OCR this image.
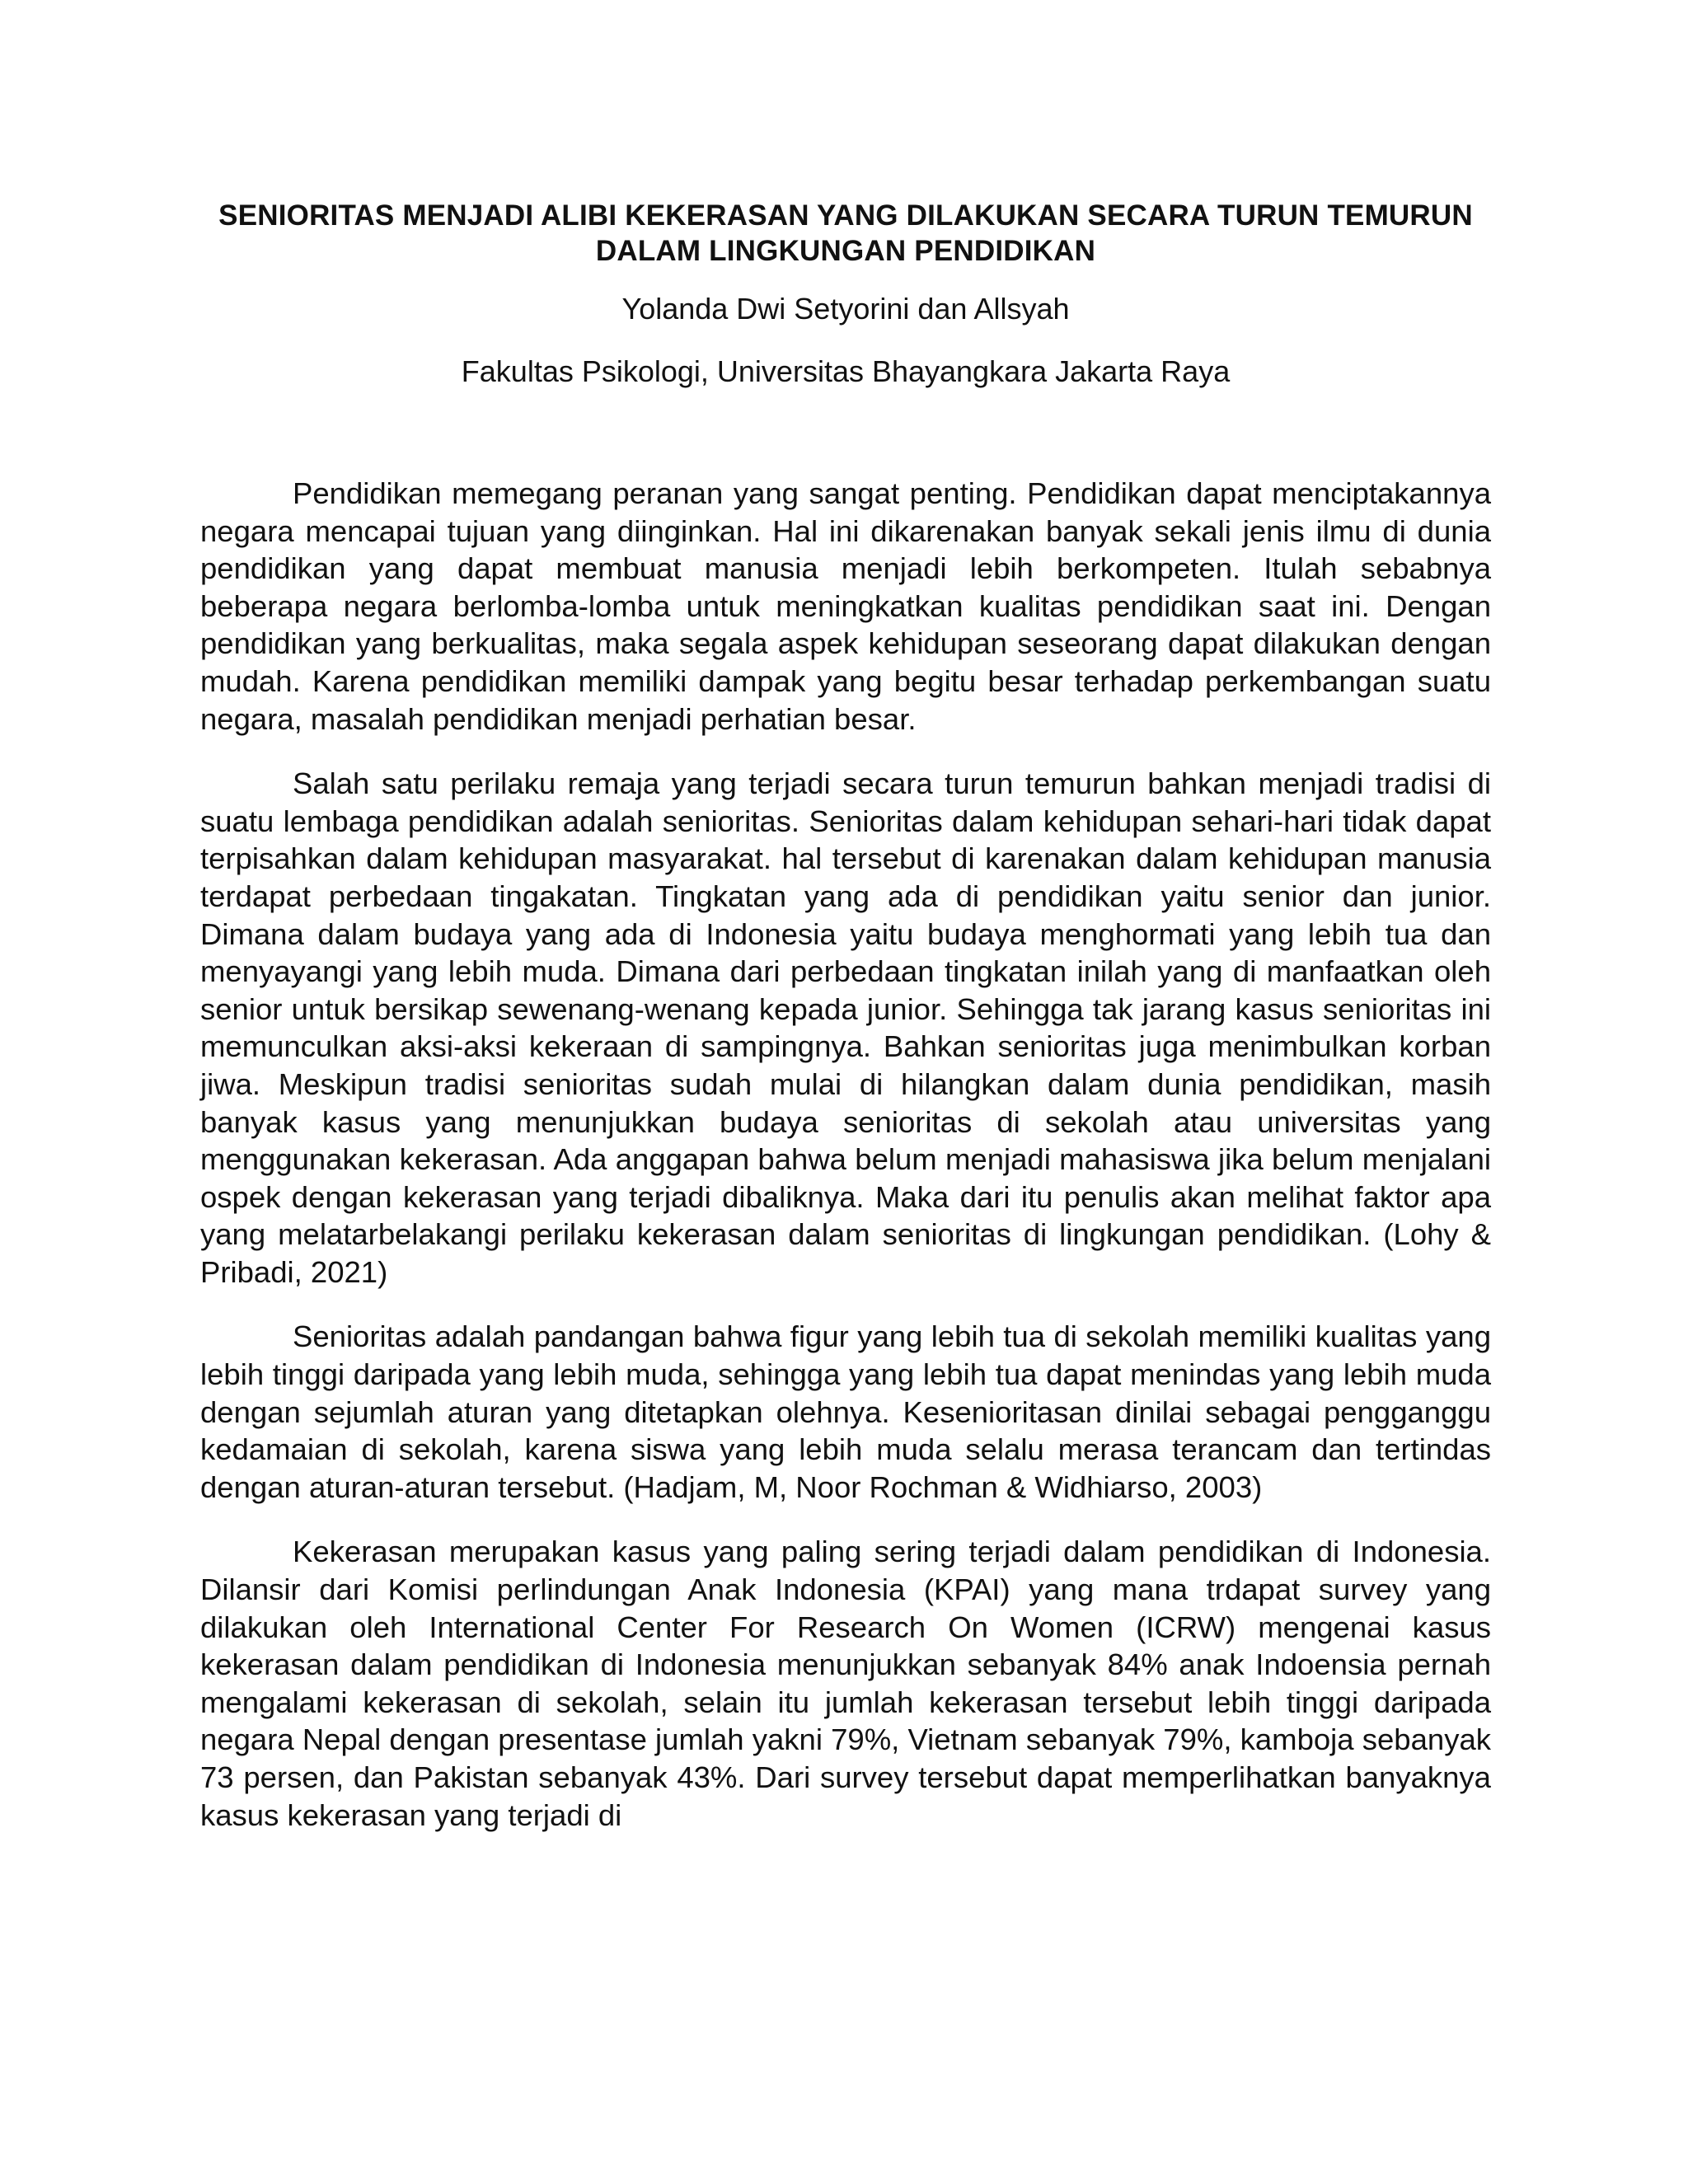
SENIORITAS MENJADI ALIBI KEKERASAN YANG DILAKUKAN SECARA TURUN TEMURUN DALAM LINGKUNGAN PENDIDIKAN
Yolanda Dwi Setyorini dan Allsyah
Fakultas Psikologi, Universitas Bhayangkara Jakarta Raya

Pendidikan memegang peranan yang sangat penting. Pendidikan dapat menciptakannya negara mencapai tujuan yang diinginkan. Hal ini dikarenakan banyak sekali jenis ilmu di dunia pendidikan yang dapat membuat manusia menjadi lebih berkompeten. Itulah sebabnya beberapa negara berlomba-lomba untuk meningkatkan kualitas pendidikan saat ini. Dengan pendidikan yang berkualitas, maka segala aspek kehidupan seseorang dapat dilakukan dengan mudah. Karena pendidikan memiliki dampak yang begitu besar terhadap perkembangan suatu negara, masalah pendidikan menjadi perhatian besar.

Salah satu perilaku remaja yang terjadi secara turun temurun bahkan menjadi tradisi di suatu lembaga pendidikan adalah senioritas. Senioritas dalam kehidupan sehari-hari tidak dapat terpisahkan dalam kehidupan masyarakat. hal tersebut di karenakan dalam kehidupan manusia terdapat perbedaan tingakatan. Tingkatan yang ada di pendidikan yaitu senior dan junior. Dimana dalam budaya yang ada di Indonesia yaitu budaya menghormati yang lebih tua dan menyayangi yang lebih muda. Dimana dari perbedaan tingkatan inilah yang di manfaatkan oleh senior untuk bersikap sewenang-wenang kepada junior. Sehingga tak jarang kasus senioritas ini memunculkan aksi-aksi kekeraan di sampingnya. Bahkan senioritas juga menimbulkan korban jiwa. Meskipun tradisi senioritas sudah mulai di hilangkan dalam dunia pendidikan, masih banyak kasus yang menunjukkan budaya senioritas di sekolah atau universitas yang menggunakan kekerasan. Ada anggapan bahwa belum menjadi mahasiswa jika belum menjalani ospek dengan kekerasan yang terjadi dibaliknya. Maka dari itu penulis akan melihat faktor apa yang melatarbelakangi perilaku kekerasan dalam senioritas di lingkungan pendidikan. (Lohy & Pribadi, 2021)

Senioritas adalah pandangan bahwa figur yang lebih tua di sekolah memiliki kualitas yang lebih tinggi daripada yang lebih muda, sehingga yang lebih tua dapat menindas yang lebih muda dengan sejumlah aturan yang ditetapkan olehnya. Kesenioritasan dinilai sebagai pengganggu kedamaian di sekolah, karena siswa yang lebih muda selalu merasa terancam dan tertindas dengan aturan-aturan tersebut. (Hadjam, M, Noor Rochman & Widhiarso, 2003)

Kekerasan merupakan kasus yang paling sering terjadi dalam pendidikan di Indonesia. Dilansir dari Komisi perlindungan Anak Indonesia (KPAI) yang mana trdapat survey yang dilakukan oleh International Center For Research On Women (ICRW) mengenai kasus kekerasan dalam pendidikan di Indonesia menunjukkan sebanyak 84% anak Indoensia pernah mengalami kekerasan di sekolah, selain itu jumlah kekerasan tersebut lebih tinggi daripada negara Nepal dengan presentase jumlah yakni 79%, Vietnam sebanyak 79%, kamboja sebanyak 73 persen, dan Pakistan sebanyak 43%. Dari survey tersebut dapat memperlihatkan banyaknya kasus kekerasan yang terjadi di
